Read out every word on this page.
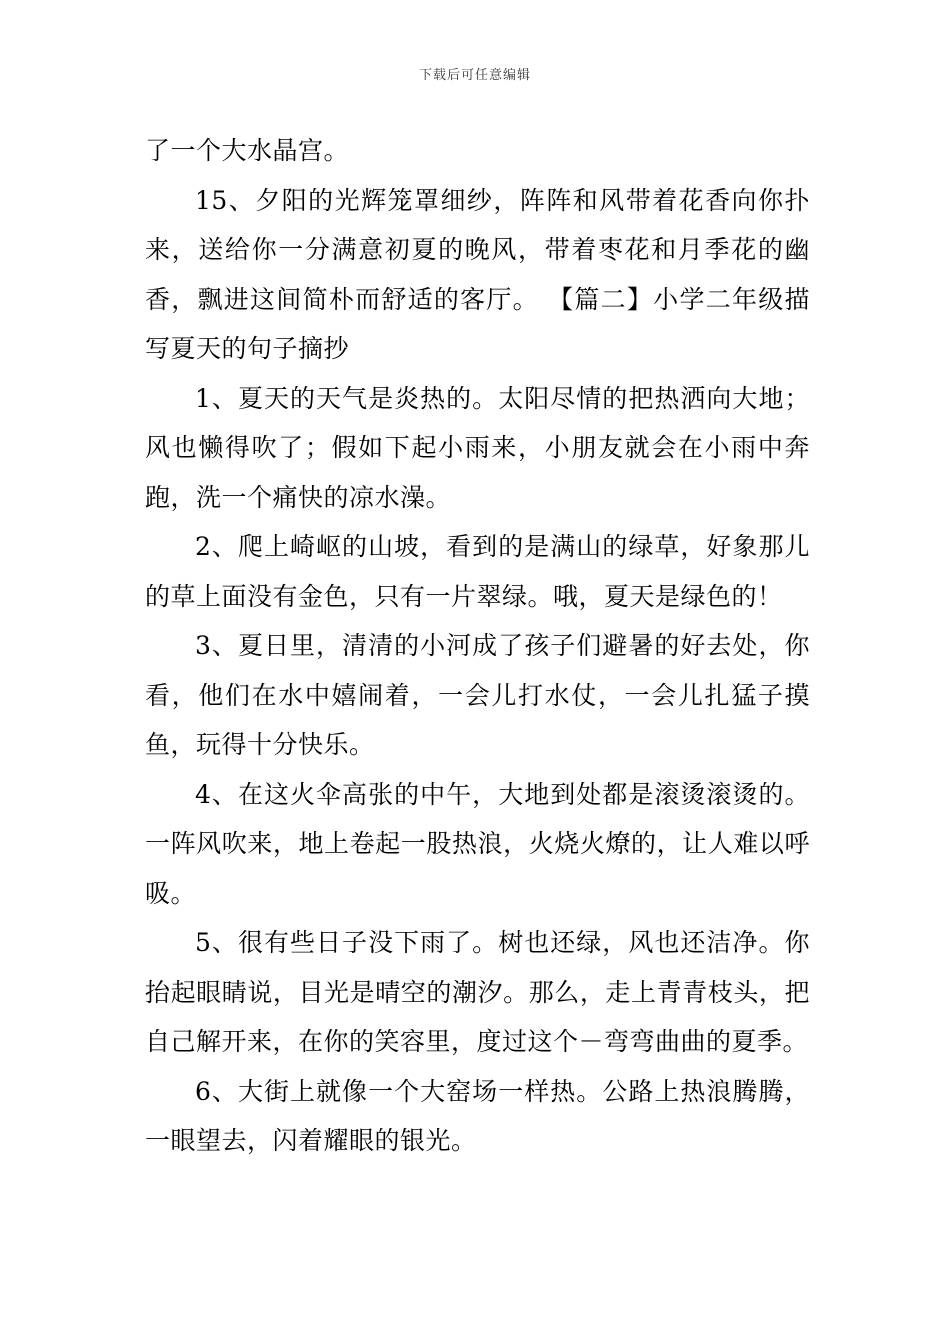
下载后可任意编辑

了一个大水晶宫。

15、夕阳的光辉笼罩细纱，阵阵和风带着花香向你扑来，送给你一分满意初夏的晚风，带着枣花和月季花的幽香，飘进这间简朴而舒适的客厅。 【篇二】小学二年级描写夏天的句子摘抄

1、夏天的天气是炎热的。太阳尽情的把热洒向大地；风也懒得吹了；假如下起小雨来，小朋友就会在小雨中奔跑，洗一个痛快的凉水澡。

2、爬上崎岖的山坡，看到的是满山的绿草，好象那儿的草上面没有金色，只有一片翠绿。哦，夏天是绿色的！

3、夏日里，清清的小河成了孩子们避暑的好去处，你看，他们在水中嬉闹着，一会儿打水仗，一会儿扎猛子摸鱼，玩得十分快乐。

4、在这火伞高张的中午，大地到处都是滚烫滚烫的。一阵风吹来，地上卷起一股热浪，火烧火燎的，让人难以呼吸。

5、很有些日子没下雨了。树也还绿，风也还洁净。你抬起眼睛说，目光是晴空的潮汐。那么，走上青青枝头，把自己解开来，在你的笑容里，度过这个－弯弯曲曲的夏季。

6、大街上就像一个大窑场一样热。公路上热浪腾腾，一眼望去，闪着耀眼的银光。
